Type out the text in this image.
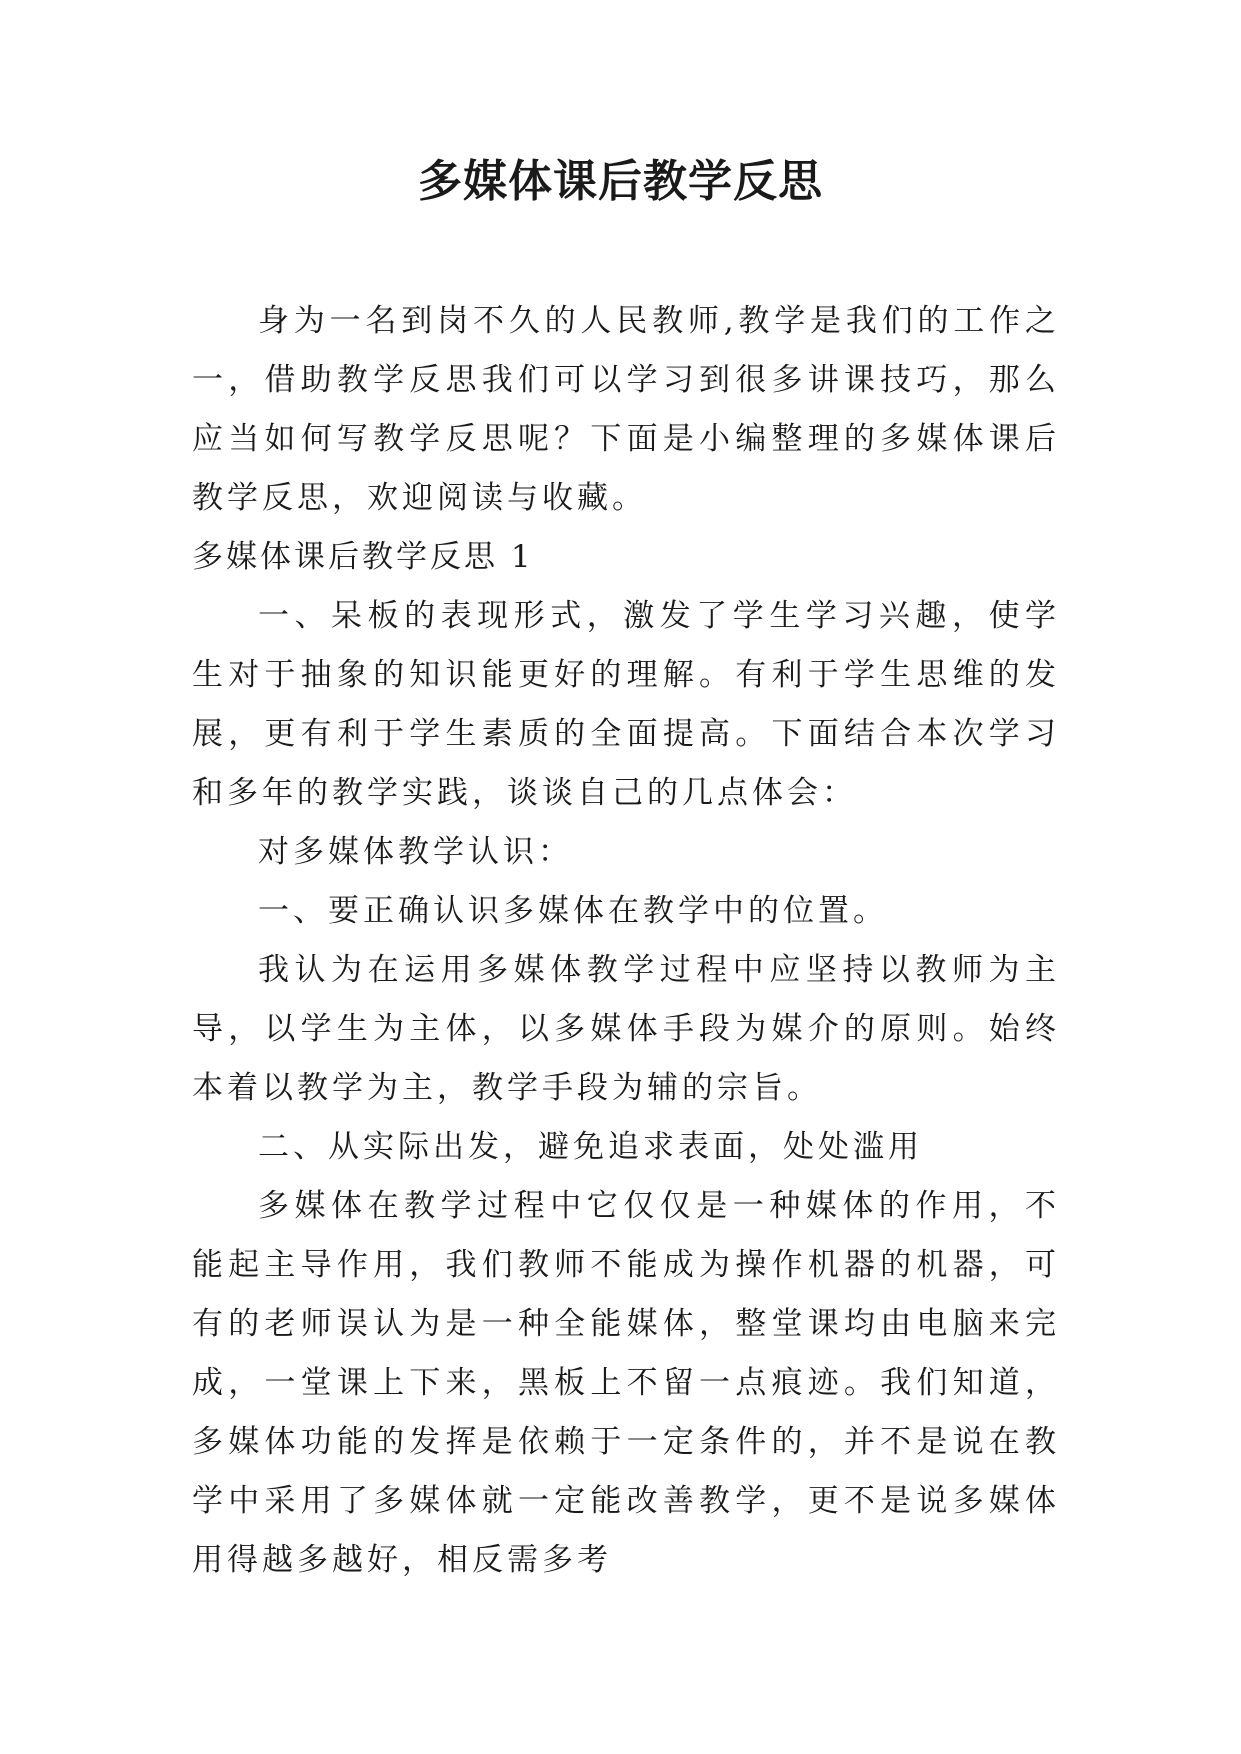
多媒体课后教学反思

身为一名到岗不久的人民教师,教学是我们的工作之一，借助教学反思我们可以学习到很多讲课技巧，那么应当如何写教学反思呢？下面是小编整理的多媒体课后教学反思，欢迎阅读与收藏。

多媒体课后教学反思 1

一、呆板的表现形式，激发了学生学习兴趣，使学生对于抽象的知识能更好的理解。有利于学生思维的发展，更有利于学生素质的全面提高。下面结合本次学习和多年的教学实践，谈谈自己的几点体会：

对多媒体教学认识：

一、要正确认识多媒体在教学中的位置。

我认为在运用多媒体教学过程中应坚持以教师为主导，以学生为主体，以多媒体手段为媒介的原则。始终本着以教学为主，教学手段为辅的宗旨。

二、从实际出发，避免追求表面，处处滥用

多媒体在教学过程中它仅仅是一种媒体的作用，不能起主导作用，我们教师不能成为操作机器的机器，可有的老师误认为是一种全能媒体，整堂课均由电脑来完成，一堂课上下来，黑板上不留一点痕迹。我们知道，多媒体功能的发挥是依赖于一定条件的，并不是说在教学中采用了多媒体就一定能改善教学，更不是说多媒体用得越多越好，相反需多考
